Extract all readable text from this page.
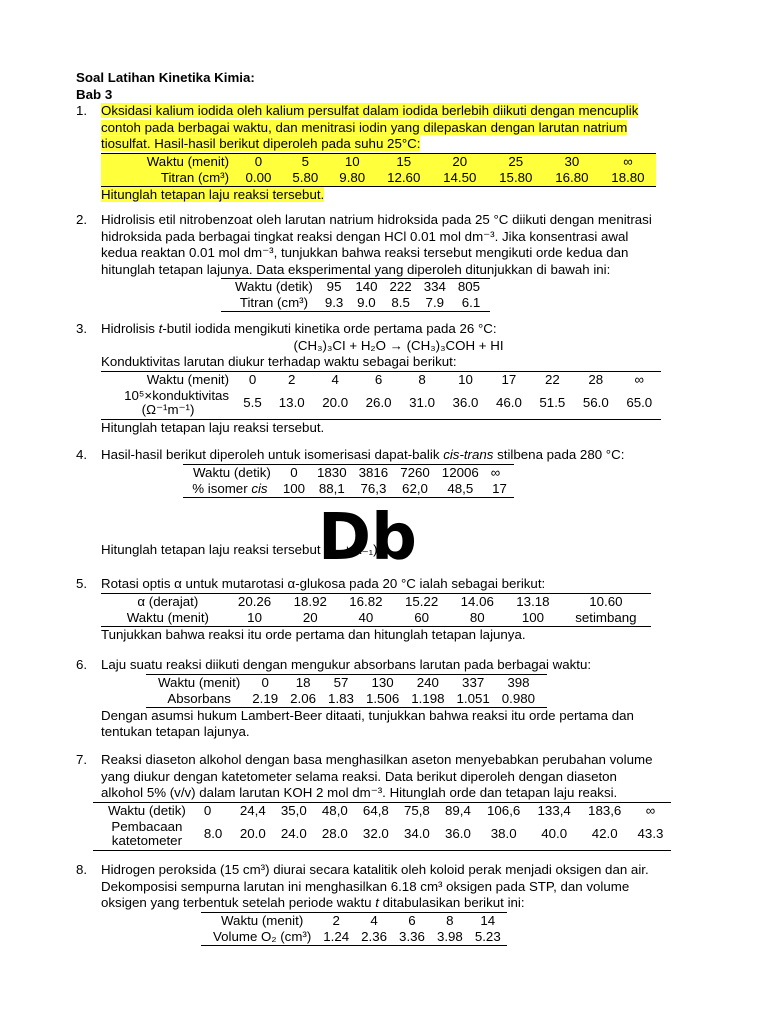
Soal Latihan Kinetika Kimia:
Bab 3
1.	Oksidasi kalium iodida oleh kalium persulfat dalam iodida berlebih diikuti dengan mencuplik

contoh pada berbagai waktu, dan menitrasi iodin yang dilepaskan dengan larutan natrium

tiosulfat. Hasil-hasil berikut diperoleh pada suhu 25°C:

Waktu (menit)	0	5	10	15	20	25	30	∞
Titran (cm³)	0.00	5.80	9.80	12.60	14.50	15.80	16.80	18.80

Hitunglah tetapan laju reaksi tersebut.

2.	Hidrolisis etil nitrobenzoat oleh larutan natrium hidroksida pada 25 °C diikuti dengan menitrasi

hidroksida pada berbagai tingkat reaksi dengan HCl 0.01 mol dm⁻³. Jika konsentrasi awal

kedua reaktan 0.01 mol dm⁻³, tunjukkan bahwa reaksi tersebut mengikuti orde kedua dan

hitunglah tetapan lajunya. Data eksperimental yang diperoleh ditunjukkan di bawah ini:

Waktu (detik)	95	140	222	334	805
Titran (cm³)	9.3	9.0	8.5	7.9	6.1
3.	Hidrolisis t-butil iodida mengikuti kinetika orde pertama pada 26 °C:

(CH₃)₃CI + H₂O → (CH₃)₃COH + HI

Konduktivitas larutan diukur terhadap waktu sebagai berikut:

Waktu (menit)	0	2	4	6	8	10	17	22	28	∞

10⁵×konduktivitas
(Ω⁻¹m⁻¹)	5.5	13.0	20.0	26.0	31.0	36.0	46.0	51.5	56.0	65.0

Hitunglah tetapan laju reaksi tersebut.

4.	Hasil-hasil berikut diperoleh untuk isomerisasi dapat-balik cis-trans stilbena pada 280 °C:

Waktu (detik)	0	1830	3816	7260	12006	∞
% isomer cis	100	88,1	76,3	62,0	48,5	17
Db

Hitunglah tetapan laju reaksi tersebut (k₁ + k₋₁).

5.	Rotasi optis α untuk mutarotasi α-glukosa pada 20 °C ialah sebagai berikut:

α (derajat)	20.26	18.92	16.82	15.22	14.06	13.18	10.60
Waktu (menit)	10	20	40	60	80	100	setimbang

Tunjukkan bahwa reaksi itu orde pertama dan hitunglah tetapan lajunya.

6.	Laju suatu reaksi diikuti dengan mengukur absorbans larutan pada berbagai waktu:

Waktu (menit)	0	18	57	130	240	337	398
Absorbans	2.19	2.06	1.83	1.506	1.198	1.051	0.980

Dengan asumsi hukum Lambert-Beer ditaati, tunjukkan bahwa reaksi itu orde pertama dan

tentukan tetapan lajunya.

7.	Reaksi diaseton alkohol dengan basa menghasilkan aseton menyebabkan perubahan volume

yang diukur dengan katetometer selama reaksi. Data berikut diperoleh dengan diaseton

alkohol 5% (v/v) dalam larutan KOH 2 mol dm⁻³. Hitunglah orde dan tetapan laju reaksi.

Waktu (detik)	0	24,4	35,0	48,0	64,8	75,8	89,4	106,6	133,4	183,6	∞

Pembacaan
katetometer	8.0	20.0	24.0	28.0	32.0	34.0	36.0	38.0	40.0	42.0	43.3
8.	Hidrogen peroksida (15 cm³) diurai secara katalitik oleh koloid perak menjadi oksigen dan air.

Dekomposisi sempurna larutan ini menghasilkan 6.18 cm³ oksigen pada STP, dan volume

oksigen yang terbentuk setelah periode waktu t ditabulasikan berikut ini:

Waktu (menit)	2	4	6	8	14
Volume O₂ (cm³)	1.24	2.36	3.36	3.98	5.23
